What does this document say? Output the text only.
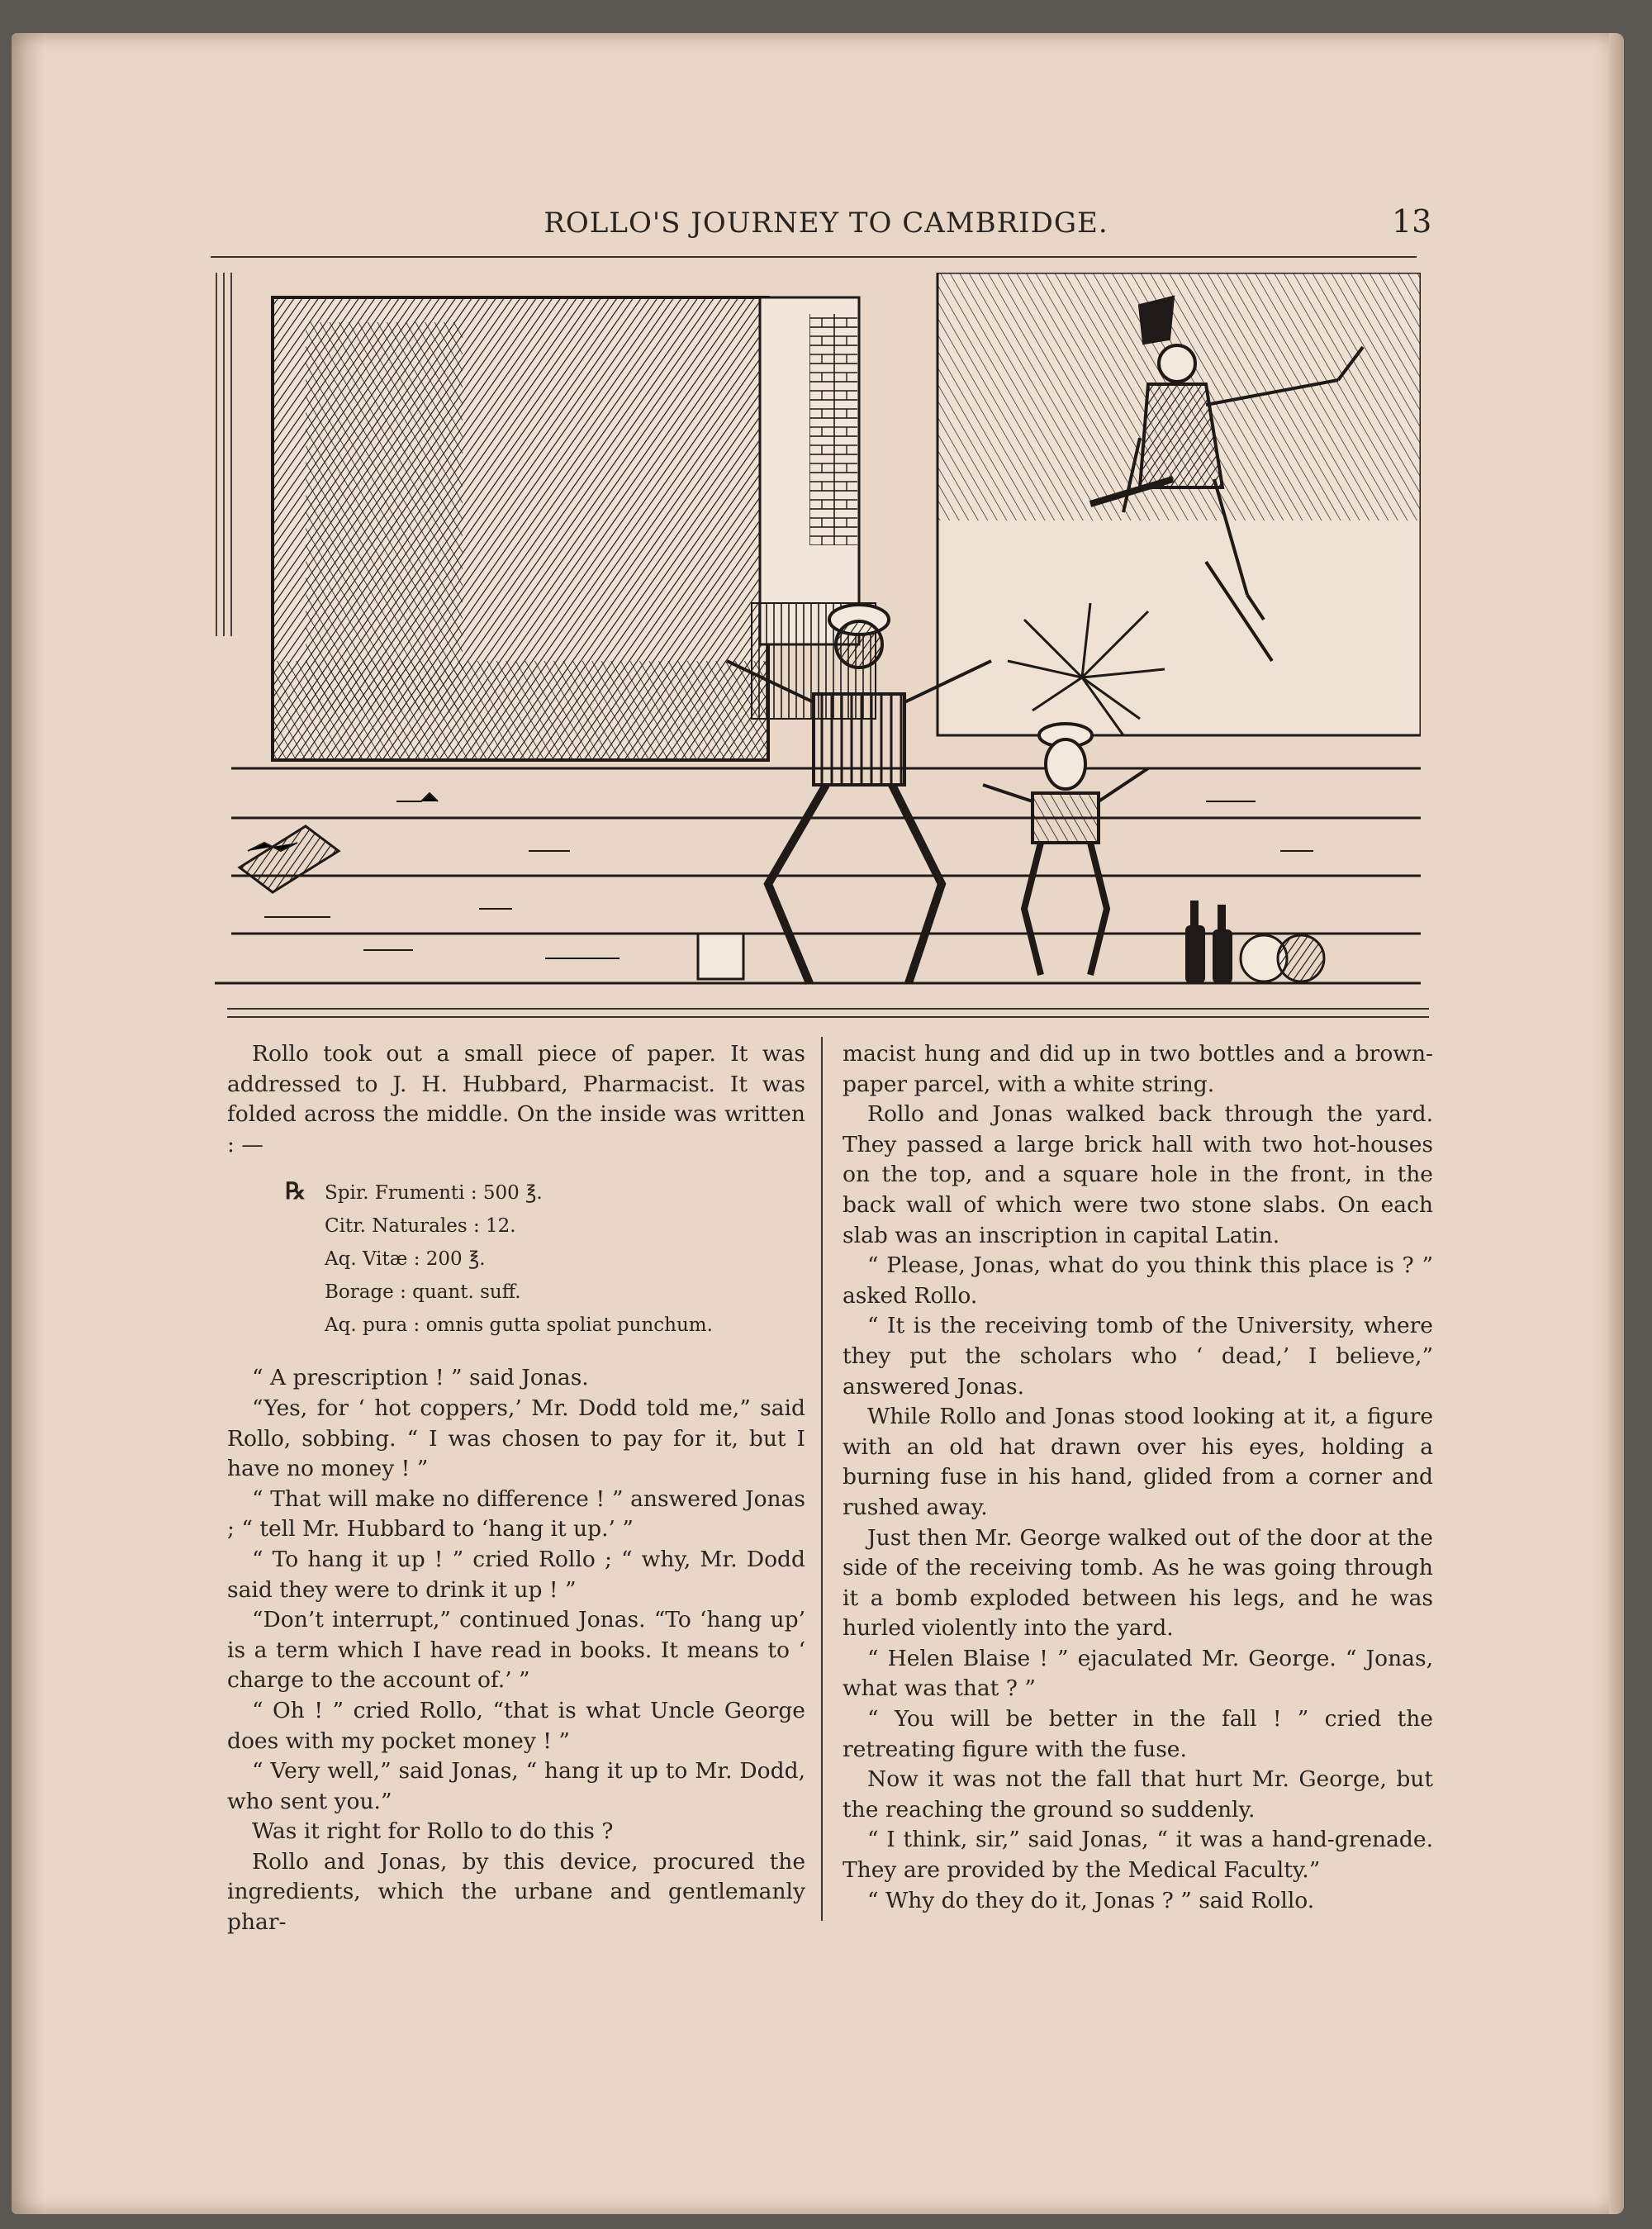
ROLLO'S JOURNEY TO CAMBRIDGE.	13

Rollo took out a small piece of paper. It was addressed to J. H. Hubbard, Pharmacist. It was folded across the middle. On the inside was written : —

℞ Spir. Frumenti : 500 ℥.
Citr. Naturales : 12.
Aq. Vitæ : 200 ℥.
Borage : quant. suff.
Aq. pura : omnis gutta spoliat punchum.

“ A prescription ! ” said Jonas.

“Yes, for ‘ hot coppers,’ Mr. Dodd told me,” said Rollo, sobbing. “ I was chosen to pay for it, but I have no money ! ”

“ That will make no difference ! ” answered Jonas ; “ tell Mr. Hubbard to ‘hang it up.’ ”

“ To hang it up ! ” cried Rollo ; “ why, Mr. Dodd said they were to drink it up ! ”

“Don’t interrupt,” continued Jonas. “To ‘hang up’ is a term which I have read in books. It means to ‘ charge to the account of.’ ”

“ Oh ! ” cried Rollo, “that is what Uncle George does with my pocket money ! ”

“ Very well,” said Jonas, “ hang it up to Mr. Dodd, who sent you.”

Was it right for Rollo to do this ?

Rollo and Jonas, by this device, procured the ingredients, which the urbane and gentlemanly phar-

macist hung and did up in two bottles and a brown-paper parcel, with a white string.

Rollo and Jonas walked back through the yard. They passed a large brick hall with two hot-houses on the top, and a square hole in the front, in the back wall of which were two stone slabs. On each slab was an inscription in capital Latin.

“ Please, Jonas, what do you think this place is ? ” asked Rollo.

“ It is the receiving tomb of the University, where they put the scholars who ‘ dead,’ I believe,” answered Jonas.

While Rollo and Jonas stood looking at it, a figure with an old hat drawn over his eyes, holding a burning fuse in his hand, glided from a corner and rushed away.

Just then Mr. George walked out of the door at the side of the receiving tomb. As he was going through it a bomb exploded between his legs, and he was hurled violently into the yard.

“ Helen Blaise ! ” ejaculated Mr. George. “ Jonas, what was that ? ”

“ You will be better in the fall ! ” cried the retreating figure with the fuse.

Now it was not the fall that hurt Mr. George, but the reaching the ground so suddenly.

“ I think, sir,” said Jonas, “ it was a hand-grenade. They are provided by the Medical Faculty.”

“ Why do they do it, Jonas ? ” said Rollo.
